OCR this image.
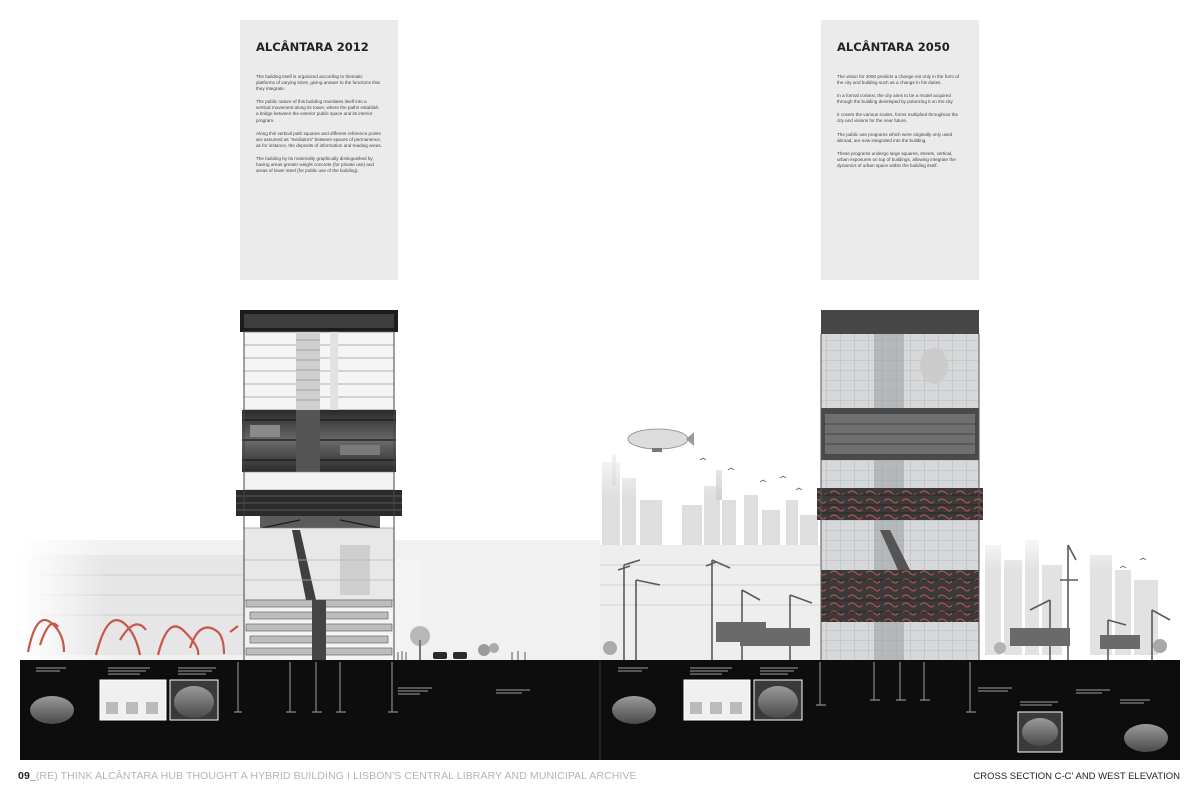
ALCÂNTARA 2012

The building itself is organized according to thematic platforms of varying sizes, giving answer to the functions that they integrate.

The public nature of this building translates itself into a vertical movement along its tower, where the paths establish a bridge between the exterior public space and its interior program.

Along this vertical path squares and different reference points are assumed as "mediators" between spaces of permanence, as for instance, the deposits of information and reading areas.

The building by its materiality graphically distinguished by having areas greater weight concrete (for private use) and areas of lower steel (for public use of the building).

ALCÂNTARA 2050

The vision for 2050 predicts a change not only in the form of the city and building such as a change in his duties.

In a formal context, the city aims to be a model acquired through the building developed by polarizing it on the city.

It covers the various scales, forms multiplied throughout the city and visions for the near future.

The public use programs which were originally only used abroad, are now integrated into the building.

These programs undergo large squares, streets, vertical, urban exposures on top of buildings, allowing integrate the dynamics of urban space within the building itself.

09_(RE) THINK ALCÂNTARA HUB THOUGHT A HYBRID BUILDING I LISBON'S CENTRAL LIBRARY AND MUNICIPAL ARCHIVE	CROSS SECTION C-C' AND WEST ELEVATION
